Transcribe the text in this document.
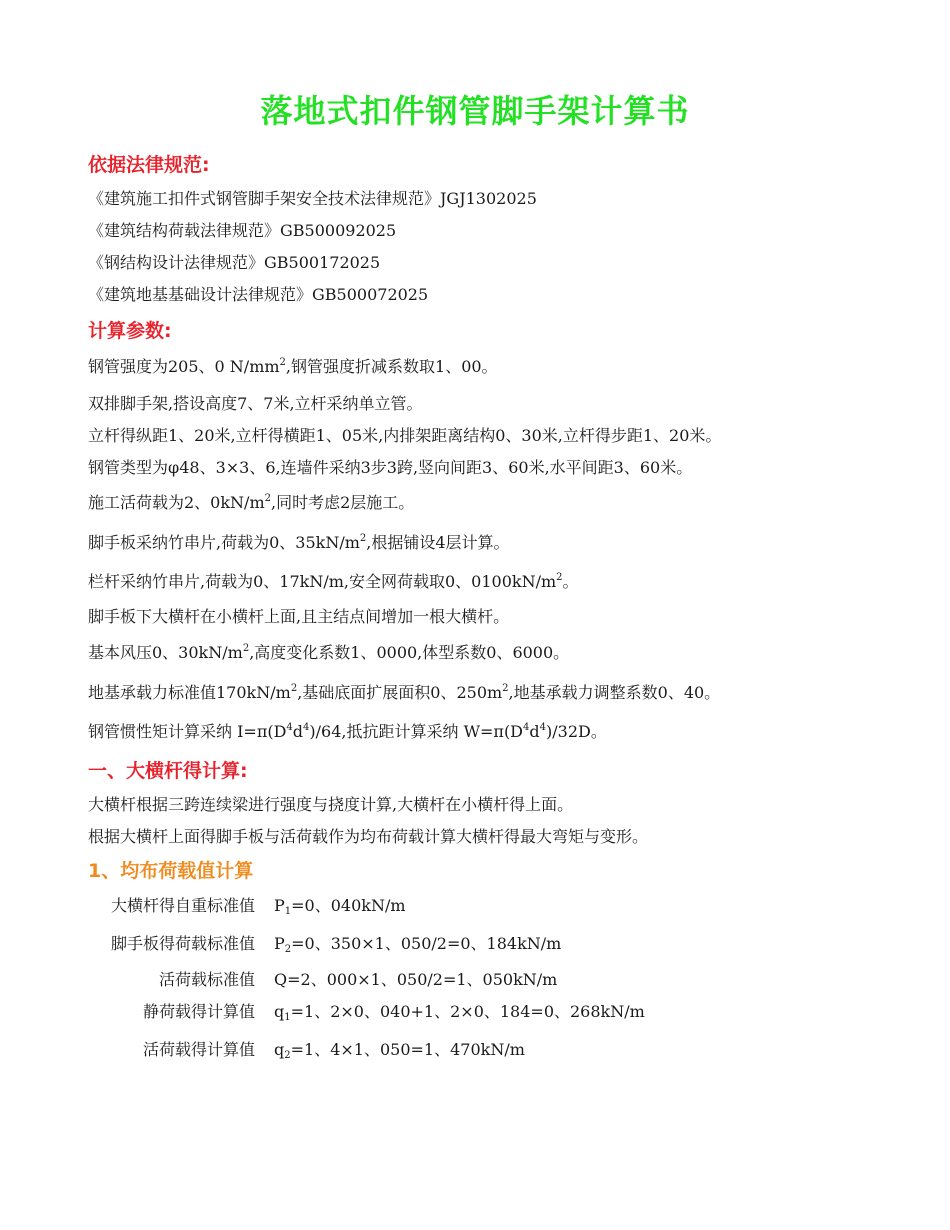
落地式扣件钢管脚手架计算书
依据法律规范:
《建筑施工扣件式钢管脚手架安全技术法律规范》JGJ1302025
《建筑结构荷载法律规范》GB500092025
《钢结构设计法律规范》GB500172025
《建筑地基基础设计法律规范》GB500072025
计算参数:
钢管强度为205、0 $N/mm^2$,钢管强度折减系数取1、00。
双排脚手架,搭设高度7、7米,立杆采纳单立管。
立杆得纵距1、20米,立杆得横距1、05米,内排架距离结构0、30米,立杆得步距1、20米。
钢管类型为φ48、3×3、6,连墙件采纳3步3跨,竖向间距3、60米,水平间距3、60米。
施工活荷载为2、$0kN/m^2$,同时考虑2层施工。
脚手板采纳竹串片,荷载为0、$35kN/m^2$,根据铺设4层计算。
栏杆采纳竹串片,荷载为0、17kN/m,安全网荷载取0、$0100kN/m^2$。
脚手板下大横杆在小横杆上面,且主结点间增加一根大横杆。
基本风压0、$30kN/m^2$,高度变化系数1、0000,体型系数0、6000。
地基承载力标准值$170kN/m^2$,基础底面扩展面积0、$250m^2$,地基承载力调整系数0、40。
钢管惯性矩计算采纳 $I=\pi(D^4d^4)/64$,抵抗距计算采纳 $W=\pi(D^4d^4)/32D$。
一、大横杆得计算:
大横杆根据三跨连续梁进行强度与挠度计算,大横杆在小横杆得上面。
根据大横杆上面得脚手板与活荷载作为均布荷载计算大横杆得最大弯矩与变形。
1、均布荷载值计算
大横杆得自重标准值 $P_1=0$、040kN/m
脚手板得荷载标准值 $P_2=0$、350×1、050/2=0、184kN/m
活荷载标准值 Q=2、000×1、050/2=1、050kN/m
静荷载得计算值 $q_1=1$、2×0、040+1、2×0、184=0、268kN/m
活荷载得计算值 $q_2=1$、4×1、050=1、470kN/m
